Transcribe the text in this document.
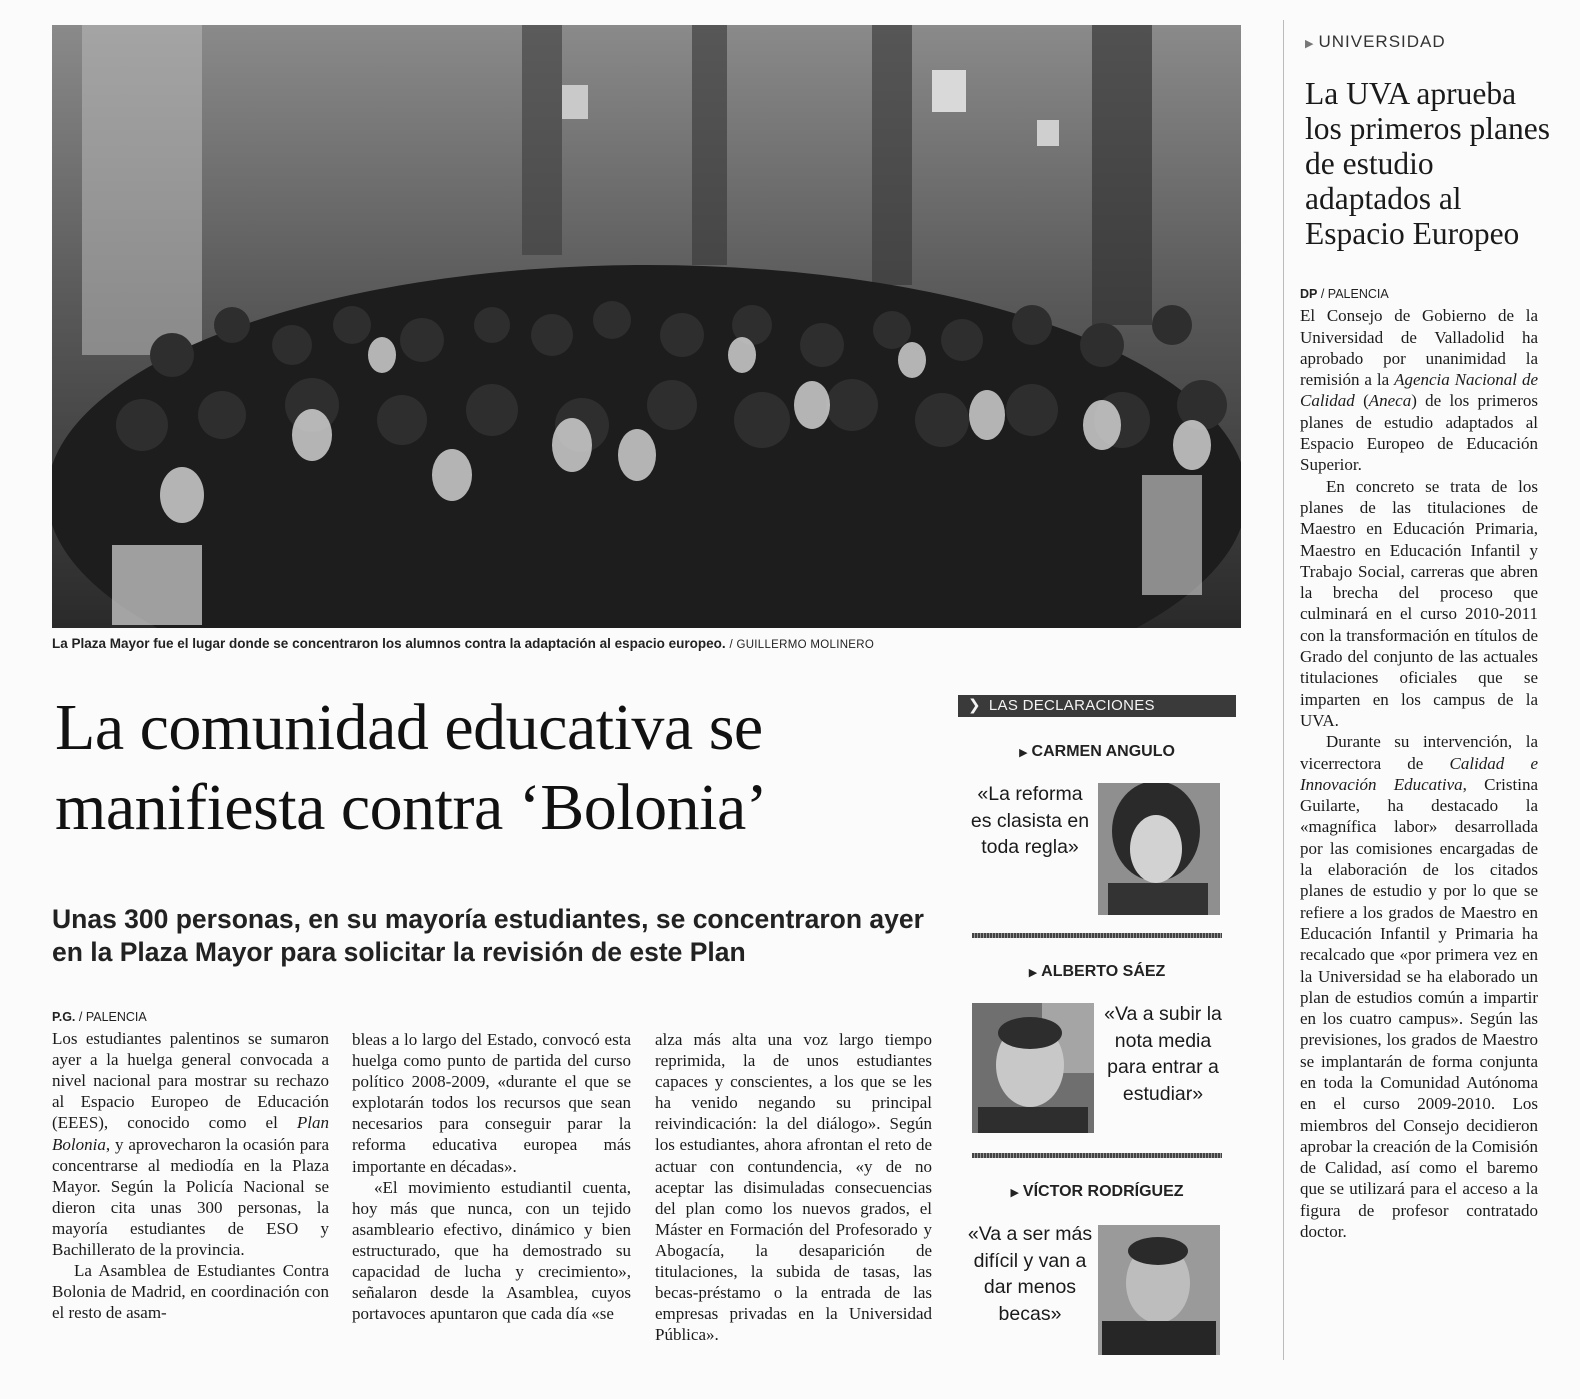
La Plaza Mayor fue el lugar donde se concentraron los alumnos contra la adaptación al espacio europeo. / GUILLERMO MOLINERO
La comunidad educativa se manifiesta contra ‘Bolonia’
Unas 300 personas, en su mayoría estudiantes, se concentraron ayer en la Plaza Mayor para solicitar la revisión de este Plan
P.G. / PALENCIA

Los estudiantes palentinos se sumaron ayer a la huelga general convocada a nivel nacional para mostrar su rechazo al Espacio Europeo de Educación (EEES), conocido como el Plan Bolonia, y aprovecharon la ocasión para concentrarse al mediodía en la Plaza Mayor. Según la Policía Nacional se dieron cita unas 300 personas, la mayoría estudiantes de ESO y Bachillerato de la provincia.

La Asamblea de Estudiantes Contra Bolonia de Madrid, en coordinación con el resto de asam-

bleas a lo largo del Estado, convocó esta huelga como punto de partida del curso político 2008-2009, «durante el que se explotarán todos los recursos que sean necesarios para conseguir parar la reforma educativa europea más importante en décadas».

«El movimiento estudiantil cuenta, hoy más que nunca, con un tejido asambleario efectivo, dinámico y bien estructurado, que ha demostrado su capacidad de lucha y crecimiento», señalaron desde la Asamblea, cuyos portavoces apuntaron que cada día «se

alza más alta una voz largo tiempo reprimida, la de unos estudiantes capaces y conscientes, a los que se les ha venido negando su principal reivindicación: la del diálogo». Según los estudiantes, ahora afrontan el reto de actuar con contundencia, «y de no aceptar las disimuladas consecuencias del plan como los nuevos grados, el Máster en Formación del Profesorado y Abogacía, la desaparición de titulaciones, la subida de tasas, las becas-préstamo o la entrada de las empresas privadas en la Universidad Pública».

❯ LAS DECLARACIONES
▶ CARMEN ANGULO
«La reforma es clasista en toda regla»
▶ ALBERTO SÁEZ
«Va a subir la nota media para entrar a estudiar»
▶ VÍCTOR RODRÍGUEZ
«Va a ser más difícil y van a dar menos becas»
▶ UNIVERSIDAD
La UVA aprueba los primeros planes de estudio adaptados al Espacio Europeo
DP / PALENCIA

El Consejo de Gobierno de la Universidad de Valladolid ha aprobado por unanimidad la remisión a la Agencia Nacional de Calidad (Aneca) de los primeros planes de estudio adaptados al Espacio Europeo de Educación Superior.

En concreto se trata de los planes de las titulaciones de Maestro en Educación Primaria, Maestro en Educación Infantil y Trabajo Social, carreras que abren la brecha del proceso que culminará en el curso 2010-2011 con la transformación en títulos de Grado del conjunto de las actuales titulaciones oficiales que se imparten en los campus de la UVA.

Durante su intervención, la vicerrectora de Calidad e Innovación Educativa, Cristina Guilarte, ha destacado la «magnífica labor» desarrollada por las comisiones encargadas de la elaboración de los citados planes de estudio y por lo que se refiere a los grados de Maestro en Educación Infantil y Primaria ha recalcado que «por primera vez en la Universidad se ha elaborado un plan de estudios común a impartir en los cuatro campus». Según las previsiones, los grados de Maestro se implantarán de forma conjunta en toda la Comunidad Autónoma en el curso 2009-2010. Los miembros del Consejo decidieron aprobar la creación de la Comisión de Calidad, así como el baremo que se utilizará para el acceso a la figura de profesor contratado doctor.
